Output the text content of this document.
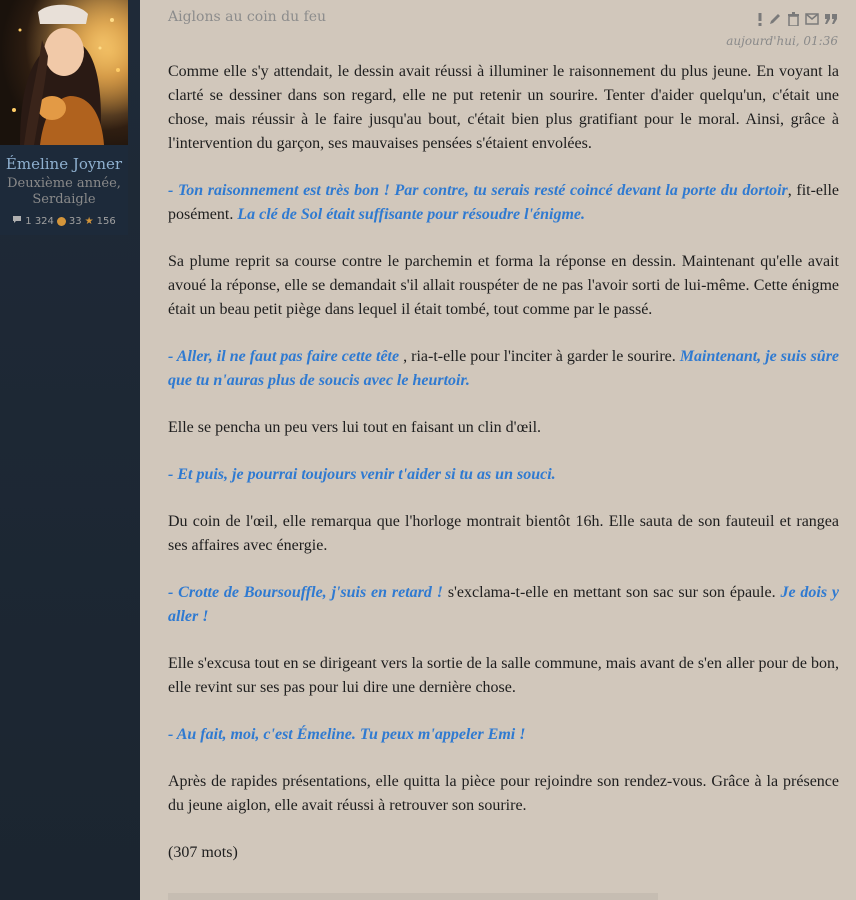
Émeline Joyner
Deuxième année, Serdaigle
1 324 33 ★ 156
Aiglons au coin du feu
aujourd'hui, 01:36

Comme elle s'y attendait, le dessin avait réussi à illuminer le raisonnement du plus jeune. En voyant la clarté se dessiner dans son regard, elle ne put retenir un sourire. Tenter d'aider quelqu'un, c'était une chose, mais réussir à le faire jusqu'au bout, c'était bien plus gratifiant pour le moral. Ainsi, grâce à l'intervention du garçon, ses mauvaises pensées s'étaient envolées.

- Ton raisonnement est très bon ! Par contre, tu serais resté coincé devant la porte du dortoir, fit-elle posément. La clé de Sol était suffisante pour résoudre l'énigme.

Sa plume reprit sa course contre le parchemin et forma la réponse en dessin. Maintenant qu'elle avait avoué la réponse, elle se demandait s'il allait rouspéter de ne pas l'avoir sorti de lui-même. Cette énigme était un beau petit piège dans lequel il était tombé, tout comme par le passé.

- Aller, il ne faut pas faire cette tête , ria-t-elle pour l'inciter à garder le sourire. Maintenant, je suis sûre que tu n'auras plus de soucis avec le heurtoir.

Elle se pencha un peu vers lui tout en faisant un clin d'œil.

- Et puis, je pourrai toujours venir t'aider si tu as un souci.

Du coin de l'œil, elle remarqua que l'horloge montrait bientôt 16h. Elle sauta de son fauteuil et rangea ses affaires avec énergie.

- Crotte de Boursouffle, j'suis en retard ! s'exclama-t-elle en mettant son sac sur son épaule. Je dois y aller !

Elle s'excusa tout en se dirigeant vers la sortie de la salle commune, mais avant de s'en aller pour de bon, elle revint sur ses pas pour lui dire une dernière chose.

- Au fait, moi, c'est Émeline. Tu peux m'appeler Emi !

Après de rapides présentations, elle quitta la pièce pour rejoindre son rendez-vous. Grâce à la présence du jeune aiglon, elle avait réussi à retrouver son sourire.

(307 mots)
